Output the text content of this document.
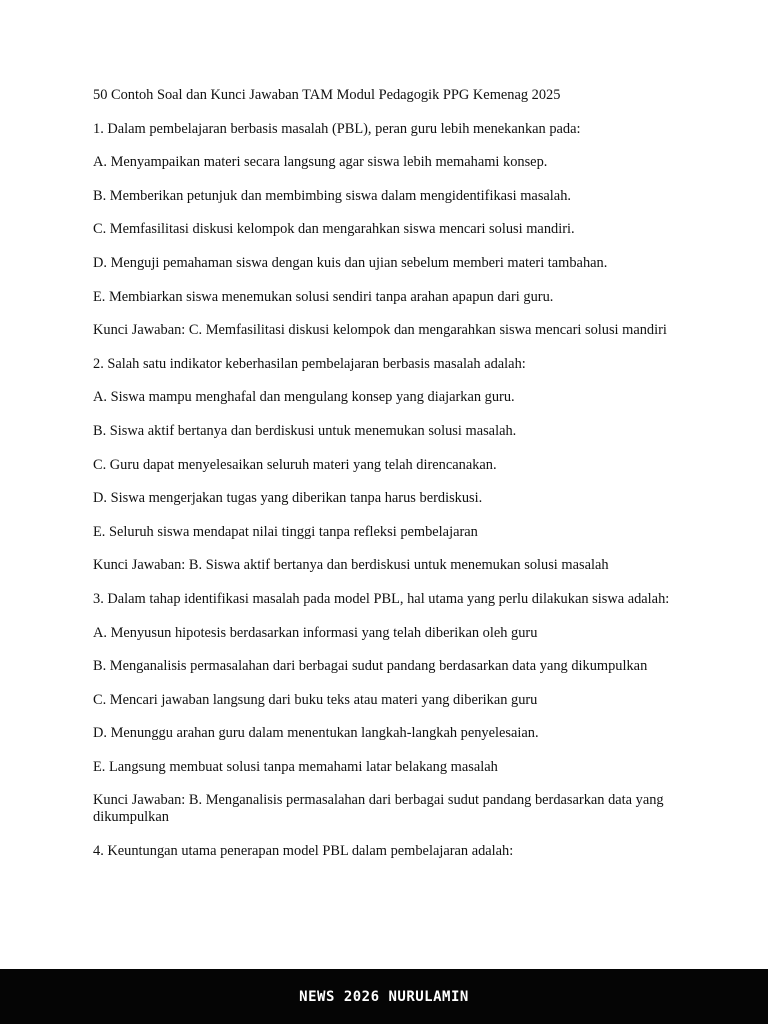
50 Contoh Soal dan Kunci Jawaban TAM Modul Pedagogik PPG Kemenag 2025

1. Dalam pembelajaran berbasis masalah (PBL), peran guru lebih menekankan pada:

A. Menyampaikan materi secara langsung agar siswa lebih memahami konsep.

B. Memberikan petunjuk dan membimbing siswa dalam mengidentifikasi masalah.

C. Memfasilitasi diskusi kelompok dan mengarahkan siswa mencari solusi mandiri.

D. Menguji pemahaman siswa dengan kuis dan ujian sebelum memberi materi tambahan.

E. Membiarkan siswa menemukan solusi sendiri tanpa arahan apapun dari guru.

Kunci Jawaban: C. Memfasilitasi diskusi kelompok dan mengarahkan siswa mencari solusi mandiri

2. Salah satu indikator keberhasilan pembelajaran berbasis masalah adalah:

A. Siswa mampu menghafal dan mengulang konsep yang diajarkan guru.

B. Siswa aktif bertanya dan berdiskusi untuk menemukan solusi masalah.

C. Guru dapat menyelesaikan seluruh materi yang telah direncanakan.

D. Siswa mengerjakan tugas yang diberikan tanpa harus berdiskusi.

E. Seluruh siswa mendapat nilai tinggi tanpa refleksi pembelajaran

Kunci Jawaban: B. Siswa aktif bertanya dan berdiskusi untuk menemukan solusi masalah

3. Dalam tahap identifikasi masalah pada model PBL, hal utama yang perlu dilakukan siswa adalah:

A. Menyusun hipotesis berdasarkan informasi yang telah diberikan oleh guru

B. Menganalisis permasalahan dari berbagai sudut pandang berdasarkan data yang dikumpulkan

C. Mencari jawaban langsung dari buku teks atau materi yang diberikan guru

D. Menunggu arahan guru dalam menentukan langkah-langkah penyelesaian.

E. Langsung membuat solusi tanpa memahami latar belakang masalah

Kunci Jawaban: B. Menganalisis permasalahan dari berbagai sudut pandang berdasarkan data yang dikumpulkan

4. Keuntungan utama penerapan model PBL dalam pembelajaran adalah:

NEWS 2026 NURULAMIN
